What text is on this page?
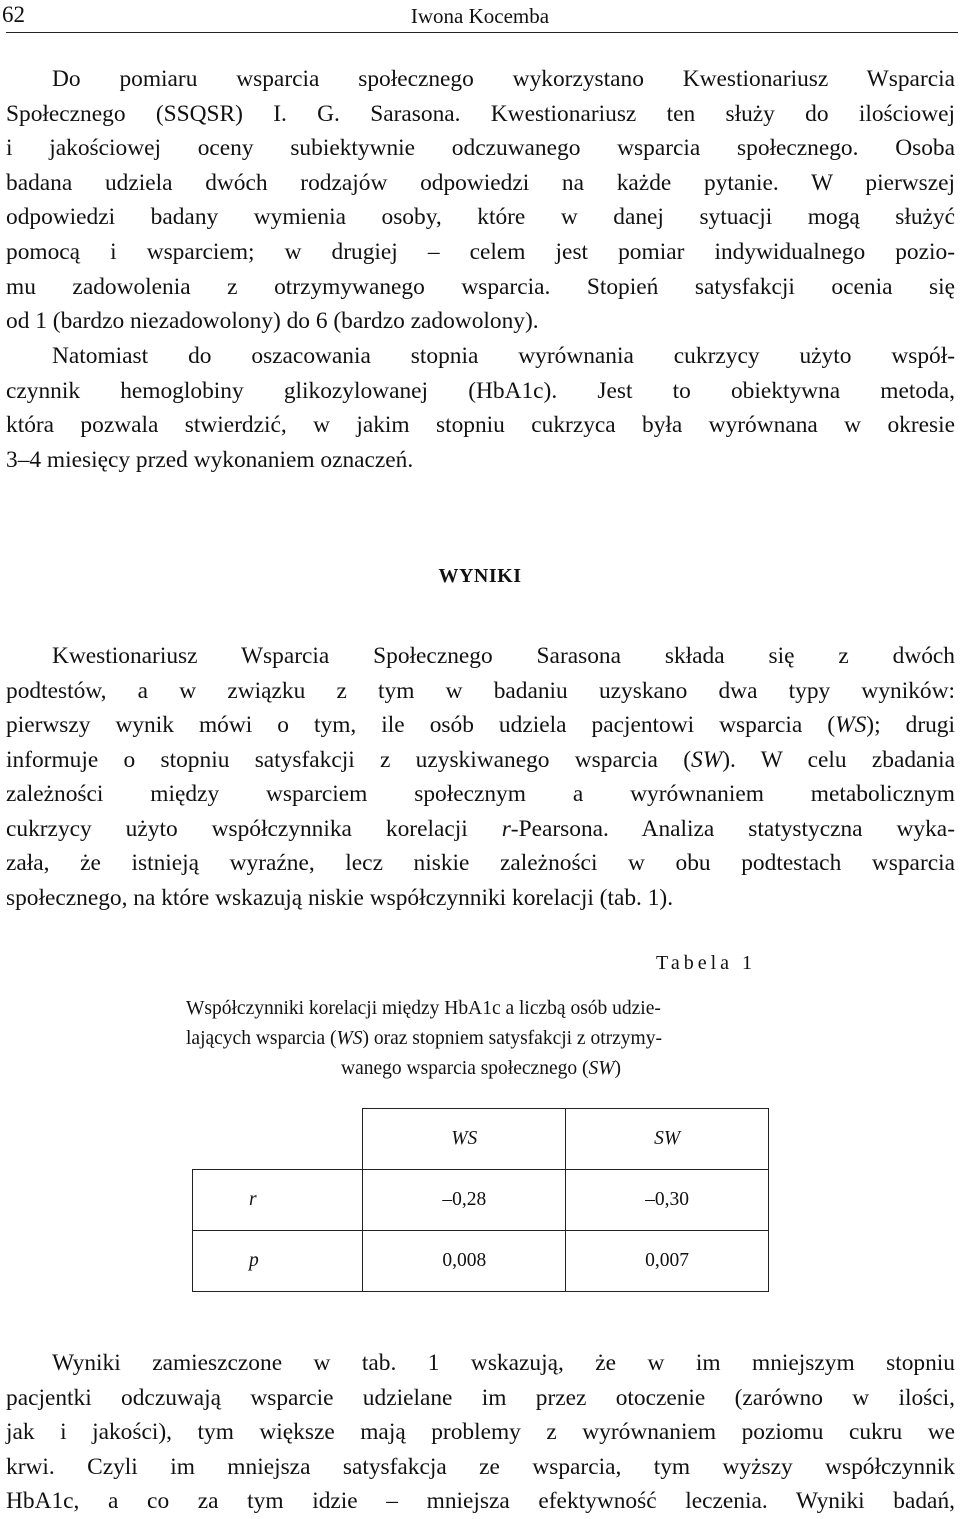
62	Iwona Kocemba
Do pomiaru wsparcia społecznego wykorzystano Kwestionariusz Wsparcia
Społecznego (SSQSR) I. G. Sarasona. Kwestionariusz ten służy do ilościowej
i jakościowej oceny subiektywnie odczuwanego wsparcia społecznego. Osoba
badana udziela dwóch rodzajów odpowiedzi na każde pytanie. W pierwszej
odpowiedzi badany wymienia osoby, które w danej sytuacji mogą służyć
pomocą i wsparciem; w drugiej – celem jest pomiar indywidualnego pozio-
mu zadowolenia z otrzymywanego wsparcia. Stopień satysfakcji ocenia się
od 1 (bardzo niezadowolony) do 6 (bardzo zadowolony).
Natomiast do oszacowania stopnia wyrównania cukrzycy użyto współ-
czynnik hemoglobiny glikozylowanej (HbA1c). Jest to obiektywna metoda,
która pozwala stwierdzić, w jakim stopniu cukrzyca była wyrównana w okresie
3–4 miesięcy przed wykonaniem oznaczeń.
WYNIKI
Kwestionariusz Wsparcia Społecznego Sarasona składa się z dwóch
podtestów, a w związku z tym w badaniu uzyskano dwa typy wyników:
pierwszy wynik mówi o tym, ile osób udziela pacjentowi wsparcia (WS); drugi
informuje o stopniu satysfakcji z uzyskiwanego wsparcia (SW). W celu zbadania
zależności między wsparciem społecznym a wyrównaniem metabolicznym
cukrzycy użyto współczynnika korelacji r-Pearsona. Analiza statystyczna wyka-
zała, że istnieją wyraźne, lecz niskie zależności w obu podtestach wsparcia
społecznego, na które wskazują niskie współczynniki korelacji (tab. 1).
Tabela 1
Współczynniki korelacji między HbA1c a liczbą osób udzie-
lających wsparcia (WS) oraz stopniem satysfakcji z otrzymy-
wanego wsparcia społecznego (SW)
	WS	SW
r	–0,28	–0,30
p	0,008	0,007
Wyniki zamieszczone w tab. 1 wskazują, że w im mniejszym stopniu
pacjentki odczuwają wsparcie udzielane im przez otoczenie (zarówno w ilości,
jak i jakości), tym większe mają problemy z wyrównaniem poziomu cukru we
krwi. Czyli im mniejsza satysfakcja ze wsparcia, tym wyższy współczynnik
HbA1c, a co za tym idzie – mniejsza efektywność leczenia. Wyniki badań,
